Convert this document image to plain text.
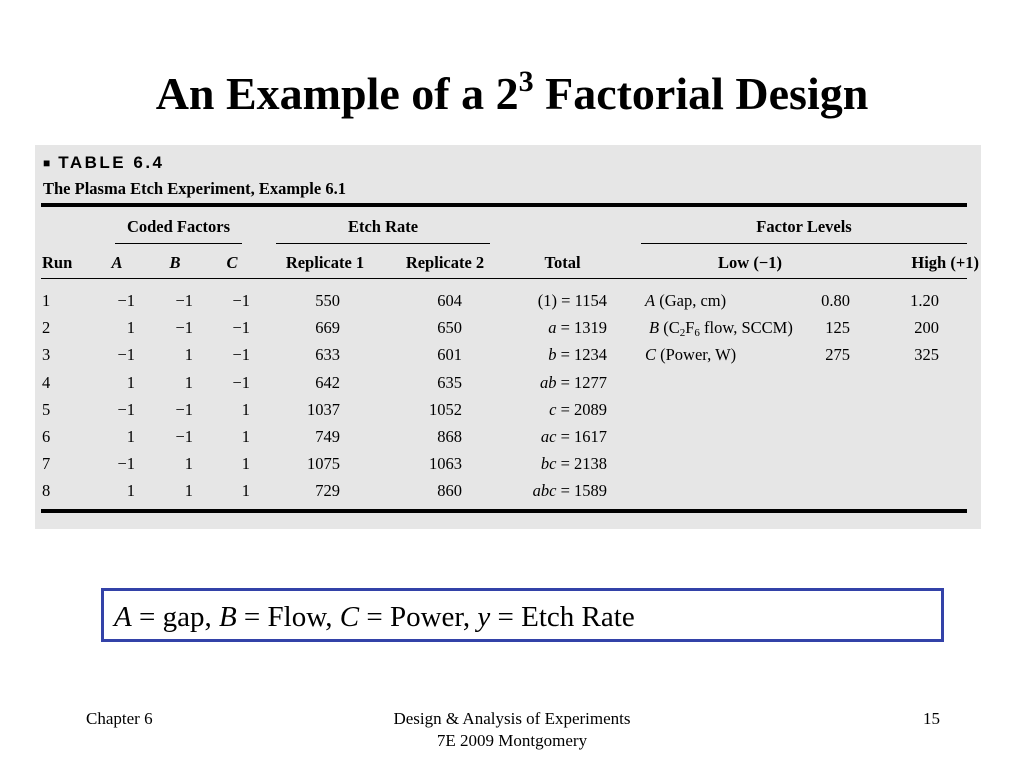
An Example of a $2^3$ Factorial Design
■ TABLE 6.4
The Plasma Etch Experiment, Example 6.1
Coded Factors	Etch Rate	Factor Levels
Run	A	B	C	Replicate 1	Replicate 2	Total	Low (−1)	High (+1)
1	−1	−1	−1	550	604	(1) = 1154
2	1	−1	−1	669	650	a = 1319
3	−1	1	−1	633	601	b = 1234
4	1	1	−1	642	635	ab = 1277
5	−1	−1	1	1037	1052	c = 2089
6	1	−1	1	749	868	ac = 1617
7	−1	1	1	1075	1063	bc = 2138
8	1	1	1	729	860	abc = 1589
A (Gap, cm)	0.80	1.20
B ($C_2F_6$ flow, SCCM)	125	200
C (Power, W)	275	325
A = gap, B = Flow, C = Power, y = Etch Rate
Chapter 6	Design & Analysis of Experiments
7E 2009 Montgomery
15
